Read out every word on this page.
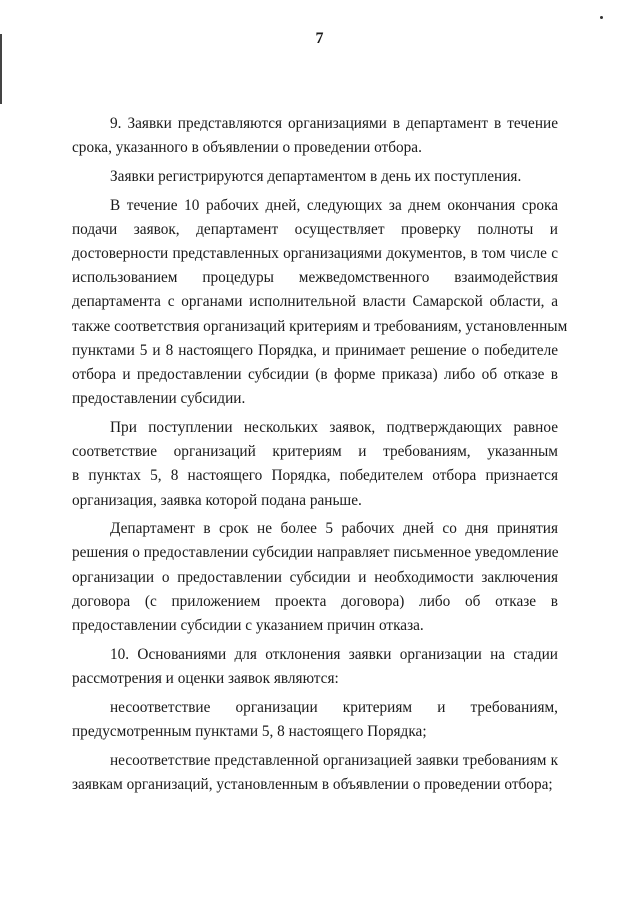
7
9. Заявки представляются организациями в департамент в течение
срока, указанного в объявлении о проведении отбора.
Заявки регистрируются департаментом в день их поступления.
В течение 10 рабочих дней, следующих за днем окончания срока
подачи заявок, департамент осуществляет проверку полноты и
достоверности представленных организациями документов, в том числе с
использованием процедуры межведомственного взаимодействия
департамента с органами исполнительной власти Самарской области, а
также соответствия организаций критериям и требованиям, установленным
пунктами 5 и 8 настоящего Порядка, и принимает решение о победителе
отбора и предоставлении субсидии (в форме приказа) либо об отказе в
предоставлении субсидии.
При поступлении нескольких заявок, подтверждающих равное
соответствие организаций критериям и требованиям, указанным
в пунктах 5, 8 настоящего Порядка, победителем отбора признается
организация, заявка которой подана раньше.
Департамент в срок не более 5 рабочих дней со дня принятия
решения о предоставлении субсидии направляет письменное уведомление
организации о предоставлении субсидии и необходимости заключения
договора (с приложением проекта договора) либо об отказе в
предоставлении субсидии с указанием причин отказа.
10. Основаниями для отклонения заявки организации на стадии
рассмотрения и оценки заявок являются:
несоответствие организации критериям и требованиям,
предусмотренным пунктами 5, 8 настоящего Порядка;
несоответствие представленной организацией заявки требованиям к
заявкам организаций, установленным в объявлении о проведении отбора;
